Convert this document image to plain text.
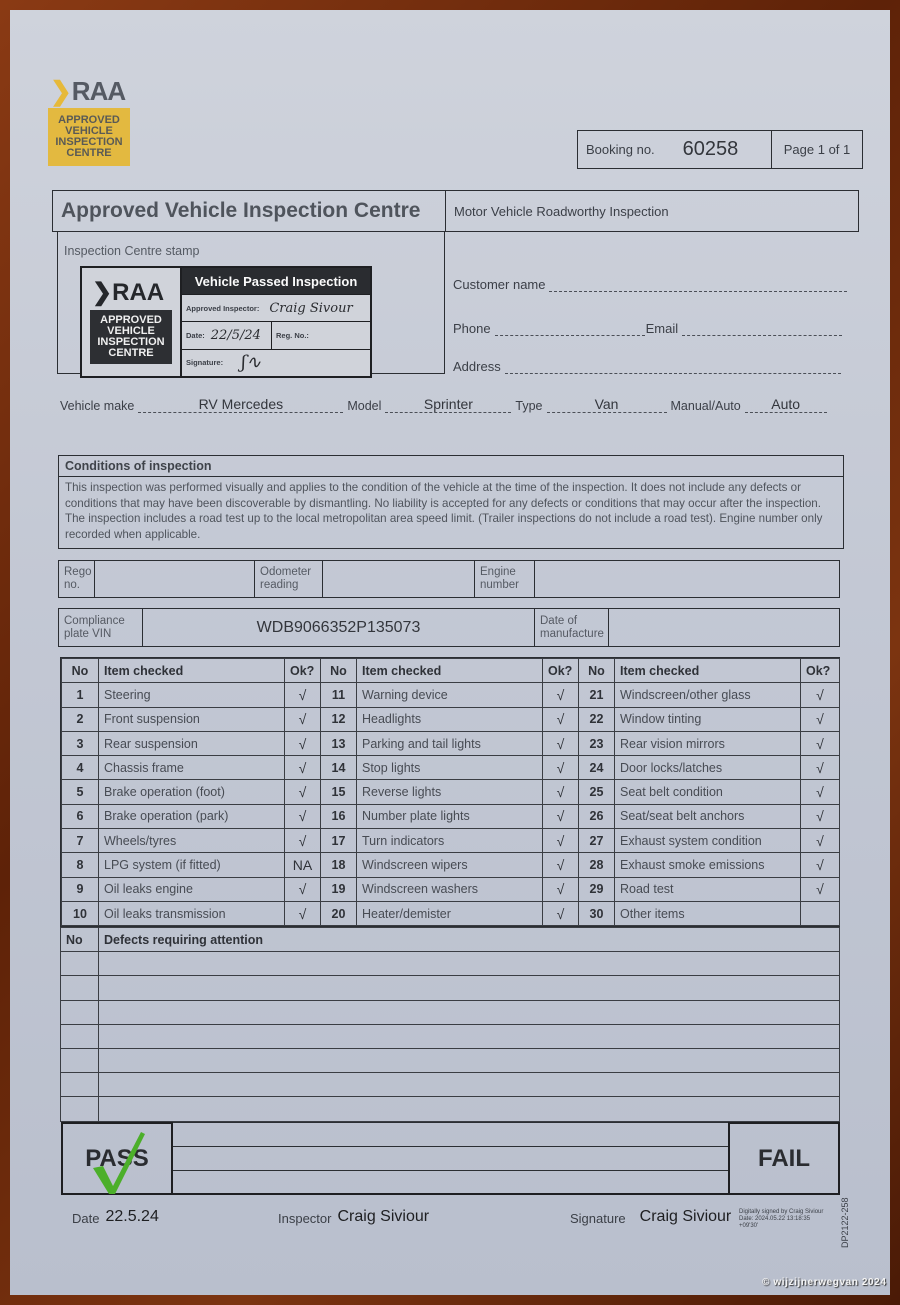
❯RAA
APPROVED VEHICLE INSPECTION CENTRE	Booking no. 60258	Page 1 of 1
Approved Vehicle Inspection Centre	Motor Vehicle Roadworthy Inspection
Inspection Centre stamp
❯RAA
APPROVED VEHICLE INSPECTION CENTRE
Vehicle Passed Inspection
Approved Inspector: Craig Sivour
Date: 22/5/24	Reg. No.:
Signature: ʃ∿
Customer name
Phone	Email
Address
Vehicle make	RV Mercedes	Model	Sprinter	Type	Van	Manual/Auto	Auto
Conditions of inspection
This inspection was performed visually and applies to the condition of the vehicle at the time of the inspection. It does not include any defects or conditions that may have been discoverable by dismantling. No liability is accepted for any defects or conditions that may occur after the inspection. The inspection includes a road test up to the local metropolitan area speed limit. (Trailer inspections do not include a road test). Engine number only recorded when applicable.
Rego no.
Odometer reading
Engine number
Compliance plate VIN	WDB9066352P135073	Date of manufacture
No	Item checked	Ok?	No	Item checked	Ok?	No	Item checked	Ok?
1	Steering	√	11	Warning device	√	21	Windscreen/other glass	√
2	Front suspension	√	12	Headlights	√	22	Window tinting	√
3	Rear suspension	√	13	Parking and tail lights	√	23	Rear vision mirrors	√
4	Chassis frame	√	14	Stop lights	√	24	Door locks/latches	√
5	Brake operation (foot)	√	15	Reverse lights	√	25	Seat belt condition	√
6	Brake operation (park)	√	16	Number plate lights	√	26	Seat/seat belt anchors	√
7	Wheels/tyres	√	17	Turn indicators	√	27	Exhaust system condition	√
8	LPG system (if fitted)	NA	18	Windscreen wipers	√	28	Exhaust smoke emissions	√
9	Oil leaks engine	√	19	Windscreen washers	√	29	Road test	√
10	Oil leaks transmission	√	20	Heater/demister	√	30	Other items	
No	Defects requiring attention

PASS	FAIL
Date 22.5.24	Inspector Craig Siviour	Signature Craig Siviour Digitally signed by Craig Siviour
Date: 2024.05.22 13:18:35
+09'30'	DP2122-258
© wijzijnerwegvan 2024
